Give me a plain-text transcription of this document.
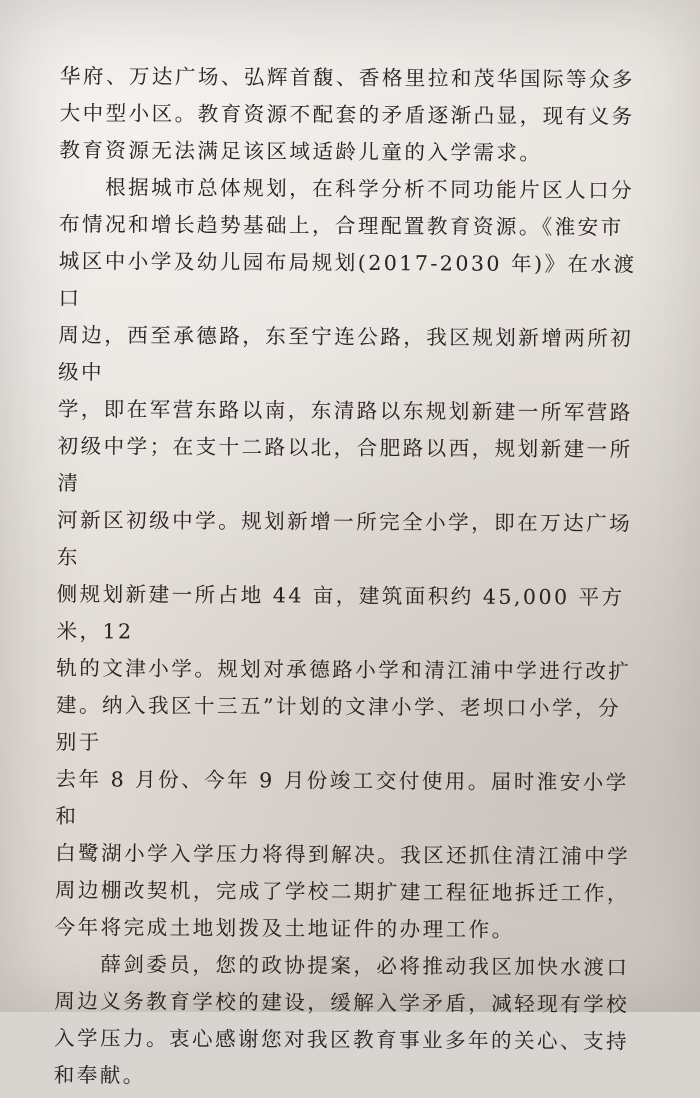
华府、万达广场、弘辉首馥、香格里拉和茂华国际等众多
大中型小区。教育资源不配套的矛盾逐渐凸显，现有义务
教育资源无法满足该区域适龄儿童的入学需求。

　　根据城市总体规划，在科学分析不同功能片区人口分
布情况和增长趋势基础上，合理配置教育资源。《淮安市
城区中小学及幼儿园布局规划(2017-2030 年)》在水渡口
周边，西至承德路，东至宁连公路，我区规划新增两所初级中
学，即在军营东路以南，东清路以东规划新建一所军营路
初级中学；在支十二路以北，合肥路以西，规划新建一所清
河新区初级中学。规划新增一所完全小学，即在万达广场东
侧规划新建一所占地 44 亩，建筑面积约 45,000 平方米，12
轨的文津小学。规划对承德路小学和清江浦中学进行改扩
建。纳入我区十三五”计划的文津小学、老坝口小学，分别于
去年 8 月份、今年 9 月份竣工交付使用。届时淮安小学和
白鹭湖小学入学压力将得到解决。我区还抓住清江浦中学
周边棚改契机，完成了学校二期扩建工程征地拆迁工作，
今年将完成土地划拨及土地证件的办理工作。

　　薛剑委员，您的政协提案，必将推动我区加快水渡口
周边义务教育学校的建设，缓解入学矛盾，减轻现有学校
入学压力。衷心感谢您对我区教育事业多年的关心、支持
和奉献。
